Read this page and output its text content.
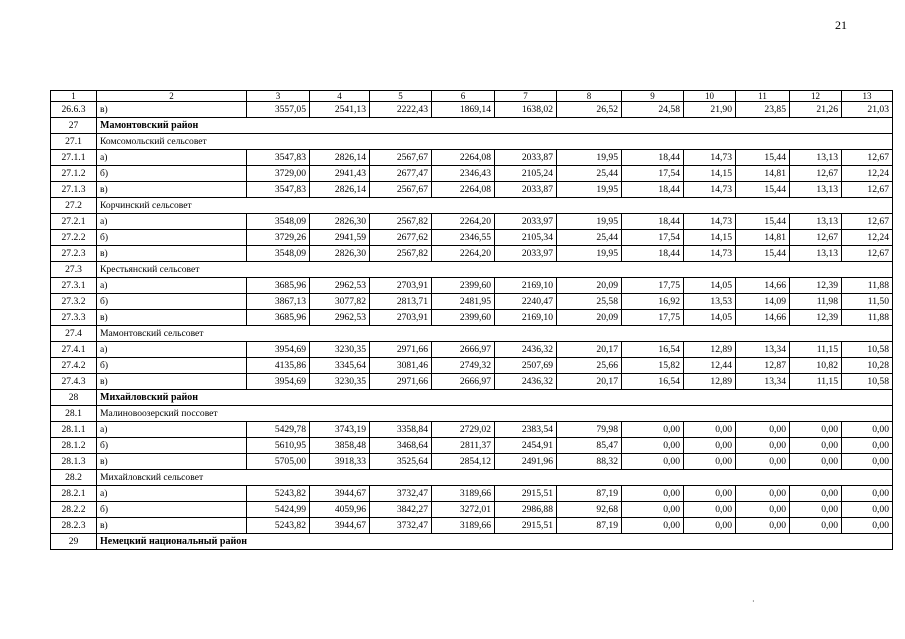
21
1	2	3	4	5	6	7	8	9	10	11	12	13
26.6.3	в)	3557,05	2541,13	2222,43	1869,14	1638,02	26,52	24,58	21,90	23,85	21,26	21,03
27	Мамонтовский район											
27.1	Комсомольский сельсовет											
27.1.1	а)	3547,83	2826,14	2567,67	2264,08	2033,87	19,95	18,44	14,73	15,44	13,13	12,67
27.1.2	б)	3729,00	2941,43	2677,47	2346,43	2105,24	25,44	17,54	14,15	14,81	12,67	12,24
27.1.3	в)	3547,83	2826,14	2567,67	2264,08	2033,87	19,95	18,44	14,73	15,44	13,13	12,67
27.2	Корчинский сельсовет											
27.2.1	а)	3548,09	2826,30	2567,82	2264,20	2033,97	19,95	18,44	14,73	15,44	13,13	12,67
27.2.2	б)	3729,26	2941,59	2677,62	2346,55	2105,34	25,44	17,54	14,15	14,81	12,67	12,24
27.2.3	в)	3548,09	2826,30	2567,82	2264,20	2033,97	19,95	18,44	14,73	15,44	13,13	12,67
27.3	Крестьянский сельсовет											
27.3.1	а)	3685,96	2962,53	2703,91	2399,60	2169,10	20,09	17,75	14,05	14,66	12,39	11,88
27.3.2	б)	3867,13	3077,82	2813,71	2481,95	2240,47	25,58	16,92	13,53	14,09	11,98	11,50
27.3.3	в)	3685,96	2962,53	2703,91	2399,60	2169,10	20,09	17,75	14,05	14,66	12,39	11,88
27.4	Мамонтовский сельсовет											
27.4.1	а)	3954,69	3230,35	2971,66	2666,97	2436,32	20,17	16,54	12,89	13,34	11,15	10,58
27.4.2	б)	4135,86	3345,64	3081,46	2749,32	2507,69	25,66	15,82	12,44	12,87	10,82	10,28
27.4.3	в)	3954,69	3230,35	2971,66	2666,97	2436,32	20,17	16,54	12,89	13,34	11,15	10,58
28	Михайловский район											
28.1	Малиновоозерский поссовет											
28.1.1	а)	5429,78	3743,19	3358,84	2729,02	2383,54	79,98	0,00	0,00	0,00	0,00	0,00
28.1.2	б)	5610,95	3858,48	3468,64	2811,37	2454,91	85,47	0,00	0,00	0,00	0,00	0,00
28.1.3	в)	5705,00	3918,33	3525,64	2854,12	2491,96	88,32	0,00	0,00	0,00	0,00	0,00
28.2	Михайловский сельсовет											
28.2.1	а)	5243,82	3944,67	3732,47	3189,66	2915,51	87,19	0,00	0,00	0,00	0,00	0,00
28.2.2	б)	5424,99	4059,96	3842,27	3272,01	2986,88	92,68	0,00	0,00	0,00	0,00	0,00
28.2.3	в)	5243,82	3944,67	3732,47	3189,66	2915,51	87,19	0,00	0,00	0,00	0,00	0,00
29	Немецкий национальный район											
·
